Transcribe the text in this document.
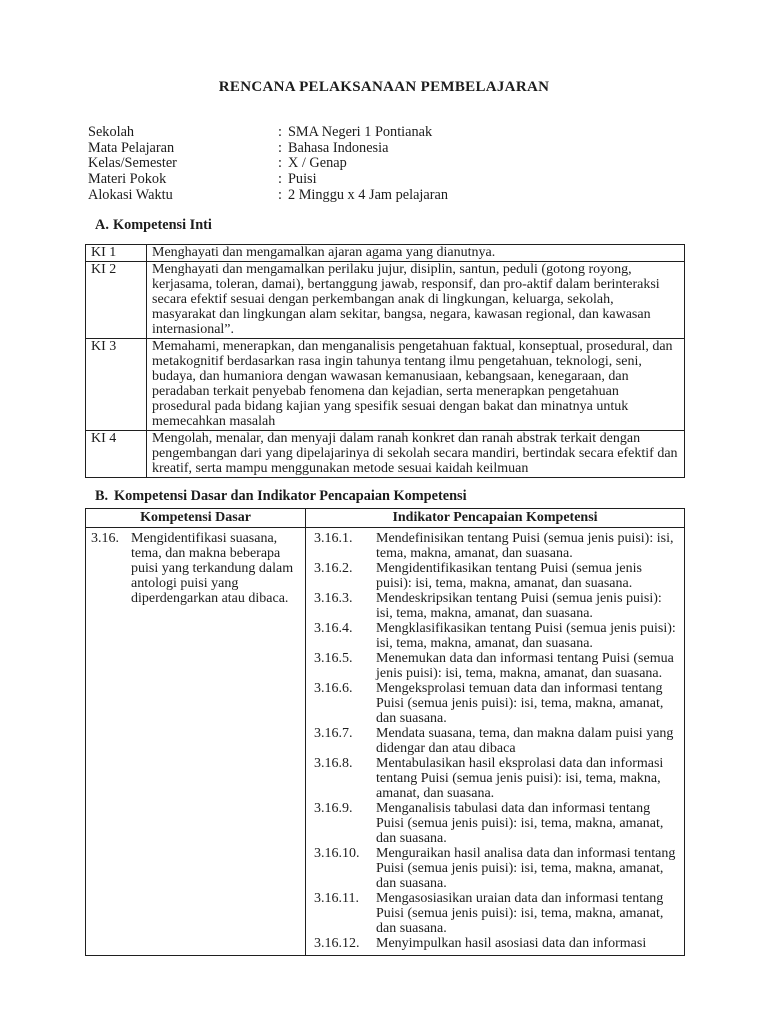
RENCANA PELAKSANAAN PEMBELAJARAN
Sekolah	: SMA Negeri 1 Pontianak
Mata Pelajaran	: Bahasa Indonesia
Kelas/Semester	: X / Genap
Materi Pokok	: Puisi
Alokasi Waktu	: 2 Minggu x 4 Jam pelajaran
A. Kompetensi Inti
KI 1	Menghayati dan mengamalkan ajaran agama yang dianutnya.
KI 2	Menghayati dan mengamalkan perilaku jujur, disiplin, santun, peduli (gotong royong, kerjasama, toleran, damai), bertanggung jawab, responsif, dan pro-aktif dalam berinteraksi secara efektif sesuai dengan perkembangan anak di lingkungan, keluarga, sekolah, masyarakat dan lingkungan alam sekitar, bangsa, negara, kawasan regional, dan kawasan internasional”.
KI 3	Memahami, menerapkan, dan menganalisis pengetahuan faktual, konseptual, prosedural, dan metakognitif berdasarkan rasa ingin tahunya tentang ilmu pengetahuan, teknologi, seni, budaya, dan humaniora dengan wawasan kemanusiaan, kebangsaan, kenegaraan, dan peradaban terkait penyebab fenomena dan kejadian, serta menerapkan pengetahuan prosedural pada bidang kajian yang spesifik sesuai dengan bakat dan minatnya untuk memecahkan masalah
KI 4	Mengolah, menalar, dan menyaji dalam ranah konkret dan ranah abstrak terkait dengan pengembangan dari yang dipelajarinya di sekolah secara mandiri, bertindak secara efektif dan kreatif, serta mampu menggunakan metode sesuai kaidah keilmuan
B. Kompetensi Dasar dan Indikator Pencapaian Kompetensi
Kompetensi Dasar	Indikator Pencapaian Kompetensi

3.16. Mengidentifikasi suasana, tema, dan makna beberapa puisi yang terkandung dalam antologi puisi yang diperdengarkan atau dibaca.

3.16.1.	Mendefinisikan tentang Puisi (semua jenis puisi): isi, tema, makna, amanat, dan suasana.
3.16.2.	Mengidentifikasikan tentang Puisi (semua jenis puisi): isi, tema, makna, amanat, dan suasana.
3.16.3.	Mendeskripsikan tentang Puisi (semua jenis puisi): isi, tema, makna, amanat, dan suasana.
3.16.4.	Mengklasifikasikan tentang Puisi (semua jenis puisi): isi, tema, makna, amanat, dan suasana.
3.16.5.	Menemukan data dan informasi tentang Puisi (semua jenis puisi): isi, tema, makna, amanat, dan suasana.
3.16.6.	Mengeksprolasi temuan data dan informasi tentang Puisi (semua jenis puisi): isi, tema, makna, amanat, dan suasana.
3.16.7.	Mendata suasana, tema, dan makna dalam puisi yang didengar dan atau dibaca
3.16.8.	Mentabulasikan hasil eksprolasi data dan informasi tentang Puisi (semua jenis puisi): isi, tema, makna, amanat, dan suasana.
3.16.9.	Menganalisis tabulasi data dan informasi tentang Puisi (semua jenis puisi): isi, tema, makna, amanat, dan suasana.
3.16.10.	Menguraikan hasil analisa data dan informasi tentang Puisi (semua jenis puisi): isi, tema, makna, amanat, dan suasana.
3.16.11.	Mengasosiasikan uraian data dan informasi tentang Puisi (semua jenis puisi): isi, tema, makna, amanat, dan suasana.
3.16.12.	Menyimpulkan hasil asosiasi data dan informasi
